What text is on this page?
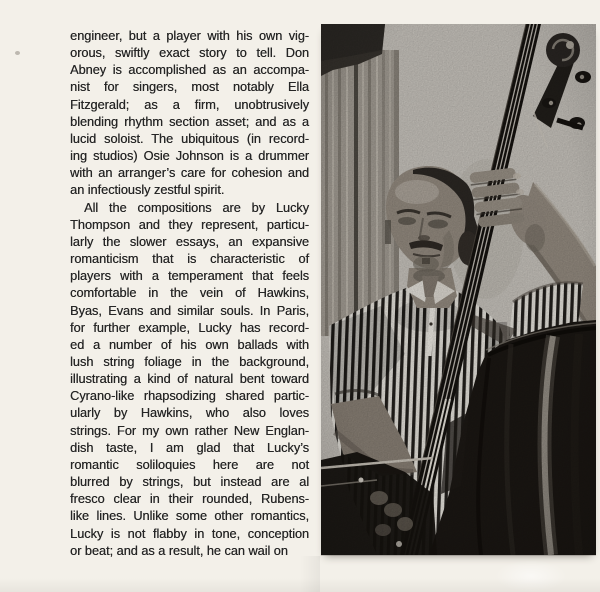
engineer, but a player with his own vig-
orous, swiftly exact story to tell. Don
Abney is accomplished as an accompa-
nist for singers, most notably Ella
Fitzgerald; as a firm, unobtrusively
blending rhythm section asset; and as a
lucid soloist. The ubiquitous (in record-
ing studios) Osie Johnson is a drummer
with an arranger’s care for cohesion and
an infectiously zestful spirit.
All the compositions are by Lucky
Thompson and they represent, particu-
larly the slower essays, an expansive
romanticism that is characteristic of
players with a temperament that feels
comfortable in the vein of Hawkins,
Byas, Evans and similar souls. In Paris,
for further example, Lucky has record-
ed a number of his own ballads with
lush string foliage in the background,
illustrating a kind of natural bent toward
Cyrano-like rhapsodizing shared partic-
ularly by Hawkins, who also loves
strings. For my own rather New Englan-
dish taste, I am glad that Lucky’s
romantic soliloquies here are not
blurred by strings, but instead are al
fresco clear in their rounded, Rubens-
like lines. Unlike some other romantics,
Lucky is not flabby in tone, conception
or beat; and as a result, he can wail on
